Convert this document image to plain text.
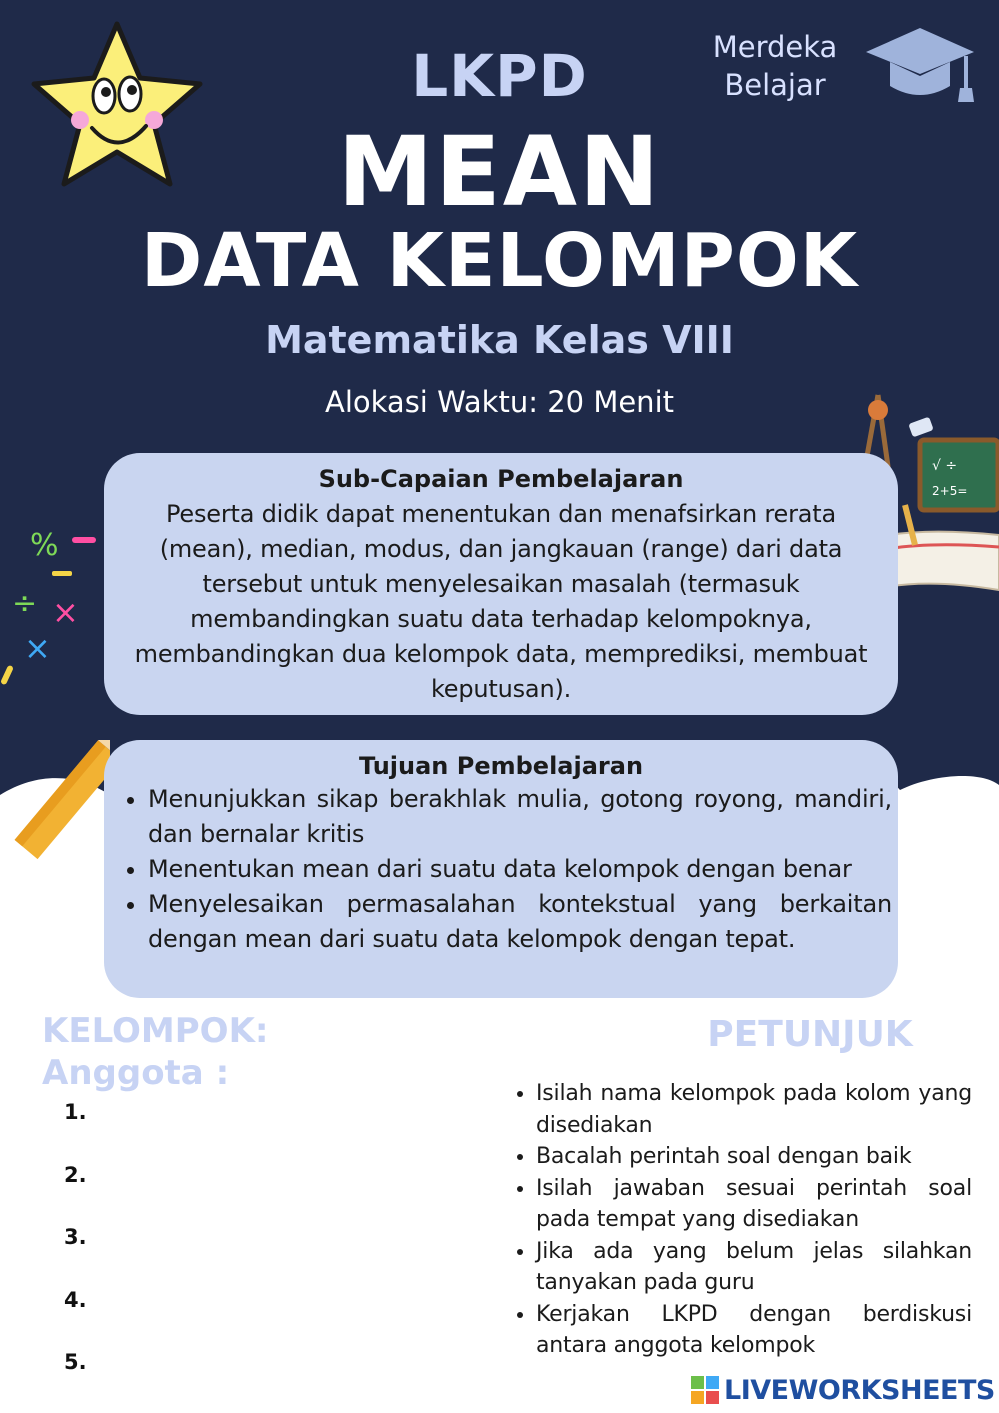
√ ÷
2+5=
%
÷ ×
×
Merdeka
Belajar
LKPD
MEAN
DATA KELOMPOK
Matematika Kelas VIII
Alokasi Waktu: 20 Menit
Sub-Capaian Pembelajaran
Peserta didik dapat menentukan dan menafsirkan rerata (mean), median, modus, dan jangkauan (range) dari data tersebut untuk menyelesaikan masalah (termasuk membandingkan suatu data terhadap kelompoknya, membandingkan dua kelompok data, memprediksi, membuat keputusan).
Tujuan Pembelajaran
• Menunjukkan sikap berakhlak mulia, gotong royong, mandiri, dan bernalar kritis
• Menentukan mean dari suatu data kelompok dengan benar
• Menyelesaikan permasalahan kontekstual yang berkaitan dengan mean dari suatu data kelompok dengan tepat.
KELOMPOK:
Anggota :
1.
2.
3.
4.
5.
PETUNJUK
• Isilah nama kelompok pada kolom yang disediakan
• Bacalah perintah soal dengan baik
• Isilah jawaban sesuai perintah soal pada tempat yang disediakan
• Jika ada yang belum jelas silahkan tanyakan pada guru
• Kerjakan LKPD dengan berdiskusi antara anggota kelompok
LIVEWORKSHEETS
